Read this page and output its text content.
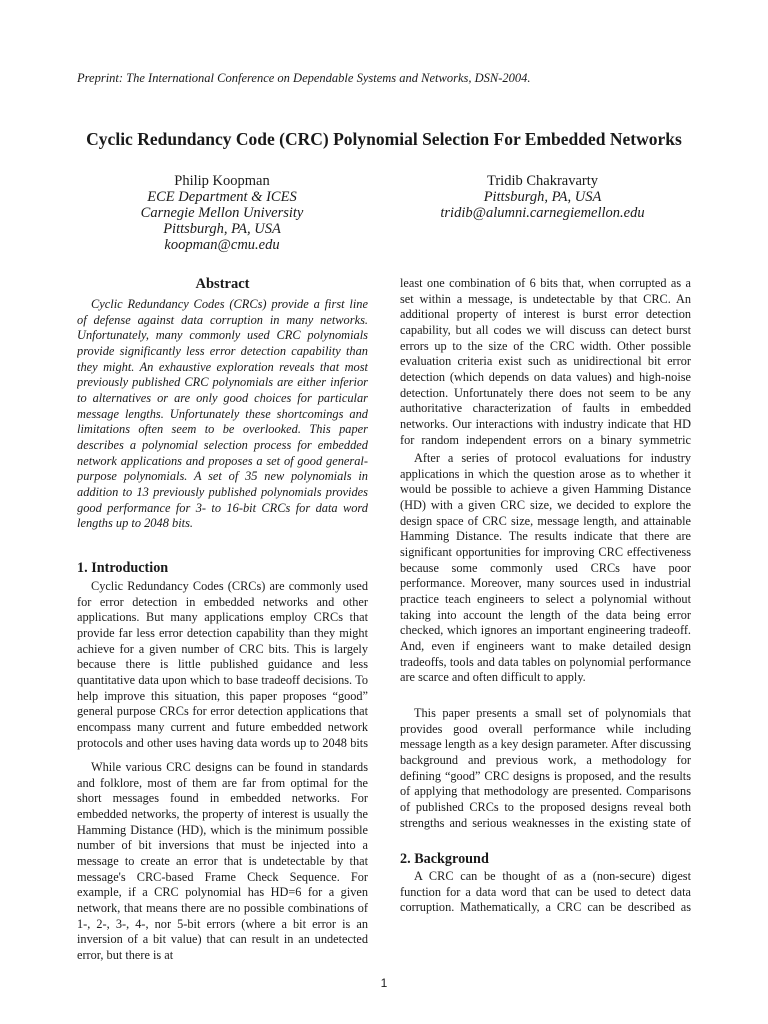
Preprint: The International Conference on Dependable Systems and Networks, DSN-2004.
Cyclic Redundancy Code (CRC) Polynomial Selection For Embedded Networks
Philip Koopman
ECE Department & ICES
Carnegie Mellon University
Pittsburgh, PA, USA
koopman@cmu.edu
Tridib Chakravarty
Pittsburgh, PA, USA
tridib@alumni.carnegiemellon.edu
Abstract

Cyclic Redundancy Codes (CRCs) provide a first line of defense against data corruption in many networks. Unfortunately, many commonly used CRC polynomials provide significantly less error detection capability than they might. An exhaustive exploration reveals that most previously published CRC polynomials are either inferior to alternatives or are only good choices for particular message lengths. Unfortunately these shortcomings and limitations often seem to be overlooked. This paper describes a polynomial selection process for embedded network applications and proposes a set of good general-purpose polynomials. A set of 35 new polynomials in addition to 13 previously published polynomials provides good performance for 3- to 16-bit CRCs for data word lengths up to 2048 bits.

1. Introduction

Cyclic Redundancy Codes (CRCs) are commonly used for error detection in embedded networks and other applications. But many applications employ CRCs that provide far less error detection capability than they might achieve for a given number of CRC bits. This is largely because there is little published guidance and less quantitative data upon which to base tradeoff decisions. To help improve this situation, this paper proposes “good” general purpose CRCs for error detection applications that encompass many current and future embedded network protocols and other uses having data words up to 2048 bits

While various CRC designs can be found in standards and folklore, most of them are far from optimal for the short messages found in embedded networks. For embedded networks, the property of interest is usually the Hamming Distance (HD), which is the minimum possible number of bit inversions that must be injected into a message to create an error that is undetectable by that message's CRC-based Frame Check Sequence. For example, if a CRC polynomial has HD=6 for a given network, that means there are no possible combinations of 1-, 2-, 3-, 4-, nor 5-bit errors (where a bit error is an inversion of a bit value) that can result in an undetected error, but there is at

least one combination of 6 bits that, when corrupted as a set within a message, is undetectable by that CRC. An additional property of interest is burst error detection capability, but all codes we will discuss can detect burst errors up to the size of the CRC width. Other possible evaluation criteria exist such as unidirectional bit error detection (which depends on data values) and high-noise detection. Unfortunately there does not seem to be any authoritative characterization of faults in embedded networks. Our interactions with industry indicate that HD for random independent errors on a binary symmetric

After a series of protocol evaluations for industry applications in which the question arose as to whether it would be possible to achieve a given Hamming Distance (HD) with a given CRC size, we decided to explore the design space of CRC size, message length, and attainable Hamming Distance. The results indicate that there are significant opportunities for improving CRC effectiveness because some commonly used CRCs have poor performance. Moreover, many sources used in industrial practice teach engineers to select a polynomial without taking into account the length of the data being error checked, which ignores an important engineering tradeoff. And, even if engineers want to make detailed design tradeoffs, tools and data tables on polynomial performance are scarce and often difficult to apply.

This paper presents a small set of polynomials that provides good overall performance while including message length as a key design parameter. After discussing background and previous work, a methodology for defining “good” CRC designs is proposed, and the results of applying that methodology are presented. Comparisons of published CRCs to the proposed designs reveal both strengths and serious weaknesses in the existing state of

2. Background

A CRC can be thought of as a (non-secure) digest function for a data word that can be used to detect data corruption. Mathematically, a CRC can be described as

1
